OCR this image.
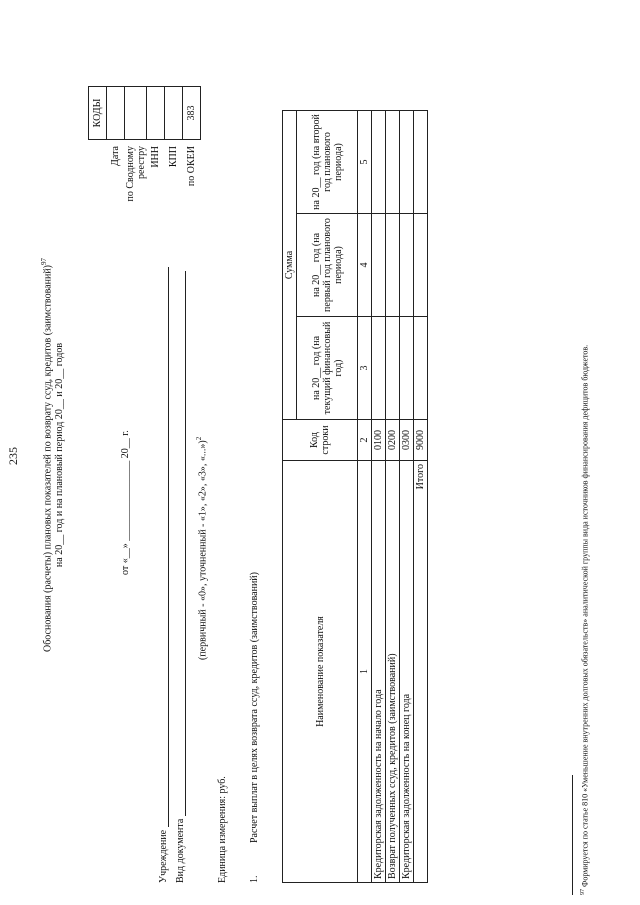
235	Обоснования (расчеты) плановых показателей по возврату ссуд, кредитов (заимствований)$^{97}$
на 20__ год и на плановый период 20__ и 20__ годов	от «__» ________________ 20__ г.
	КОДЫ
Дата	
по Сводному реестру	
ИНН	
КПП	
по ОКЕИ	383
Учреждение Вид документа
(первичный - «0», уточненный - «1», «2», «3», «...»)$^2$
Единица измерения: руб. 1.Расчет выплат в целях возврата ссуд, кредитов (заимствований)	Наименование показателя	Код строки	Сумма		
		на 20__ год (на текущий финансовый год)	на 20__ год (на первый год планового периода)	на 20__ год (на второй год планового периода)
1	2	3	4	5
Кредиторская задолженность на начало года	0100			
Возврат полученных ссуд, кредитов (заимствований)	0200			
Кредиторская задолженность на конец года	0300			
Итого	9000			
$^{97}$ Формируется по статье 810 «Уменьшение внутренних долговых обязательств» аналитической группы вида источников финансирования дефицитов бюджетов.
